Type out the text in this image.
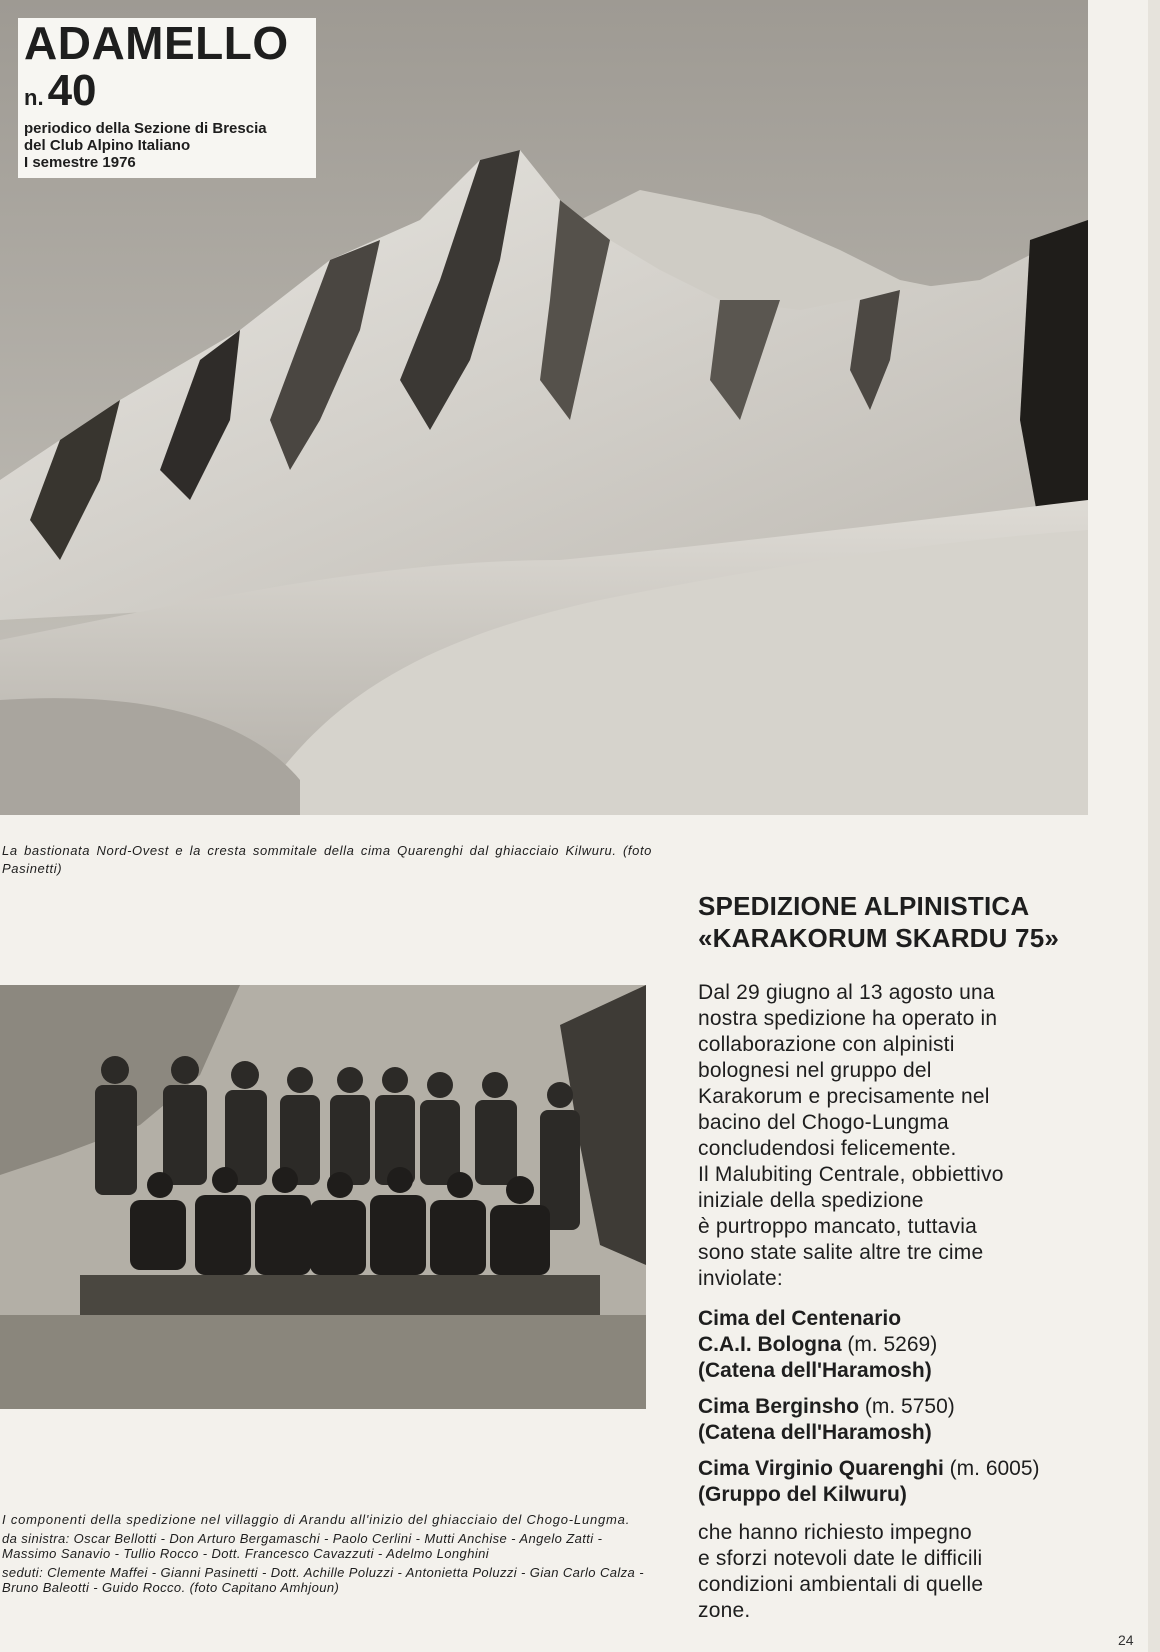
ADAMELLO
n.40
periodico della Sezione di Brescia
del Club Alpino Italiano
I semestre 1976
La bastionata Nord-Ovest e la cresta sommitale della cima Quarenghi dal ghiacciaio Kilwuru. (foto Pasinetti)

I componenti della spedizione nel villaggio di Arandu all'inizio del ghiacciaio del Chogo-Lungma.

da sinistra: Oscar Bellotti - Don Arturo Bergamaschi - Paolo Cerlini - Mutti Anchise - Angelo Zatti - Massimo Sanavio - Tullio Rocco - Dott. Francesco Cavazzuti - Adelmo Longhini

seduti: Clemente Maffei - Gianni Pasinetti - Dott. Achille Poluzzi - Antonietta Poluzzi - Gian Carlo Calza - Bruno Baleotti - Guido Rocco. (foto Capitano Amhjoun)

SPEDIZIONE ALPINISTICA
«KARAKORUM SKARDU 75»

Dal 29 giugno al 13 agosto una

nostra spedizione ha operato in

collaborazione con alpinisti

bolognesi nel gruppo del

Karakorum e precisamente nel

bacino del Chogo-Lungma

concludendosi felicemente.

Il Malubiting Centrale, obbiettivo

iniziale della spedizione

è purtroppo mancato, tuttavia

sono state salite altre tre cime

inviolate:

Cima del Centenario
C.A.I. Bologna (m. 5269)
(Catena dell'Haramosh)
Cima Berginsho (m. 5750)
(Catena dell'Haramosh)
Cima Virginio Quarenghi (m. 6005)
(Gruppo del Kilwuru)
che hanno richiesto impegno
e sforzi notevoli date le difficili
condizioni ambientali di quelle
zone.
24
